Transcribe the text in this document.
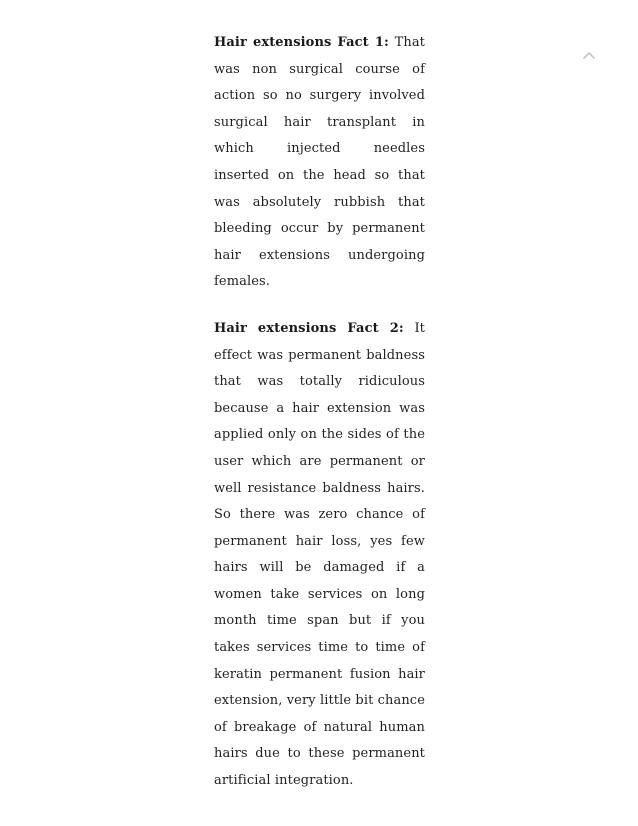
Hair extensions Fact 1: That was non surgical course of action so no surgery involved surgical hair transplant in which injected needles inserted on the head so that was absolutely rubbish that bleeding occur by permanent hair extensions undergoing females.

Hair extensions Fact 2: It effect was permanent baldness that was totally ridiculous because a hair extension was applied only on the sides of the user which are permanent or well resistance baldness hairs. So there was zero chance of permanent hair loss, yes few hairs will be damaged if a women take services on long month time span but if you takes services time to time of keratin permanent fusion hair extension, very little bit chance of breakage of natural human hairs due to these permanent artificial integration.
